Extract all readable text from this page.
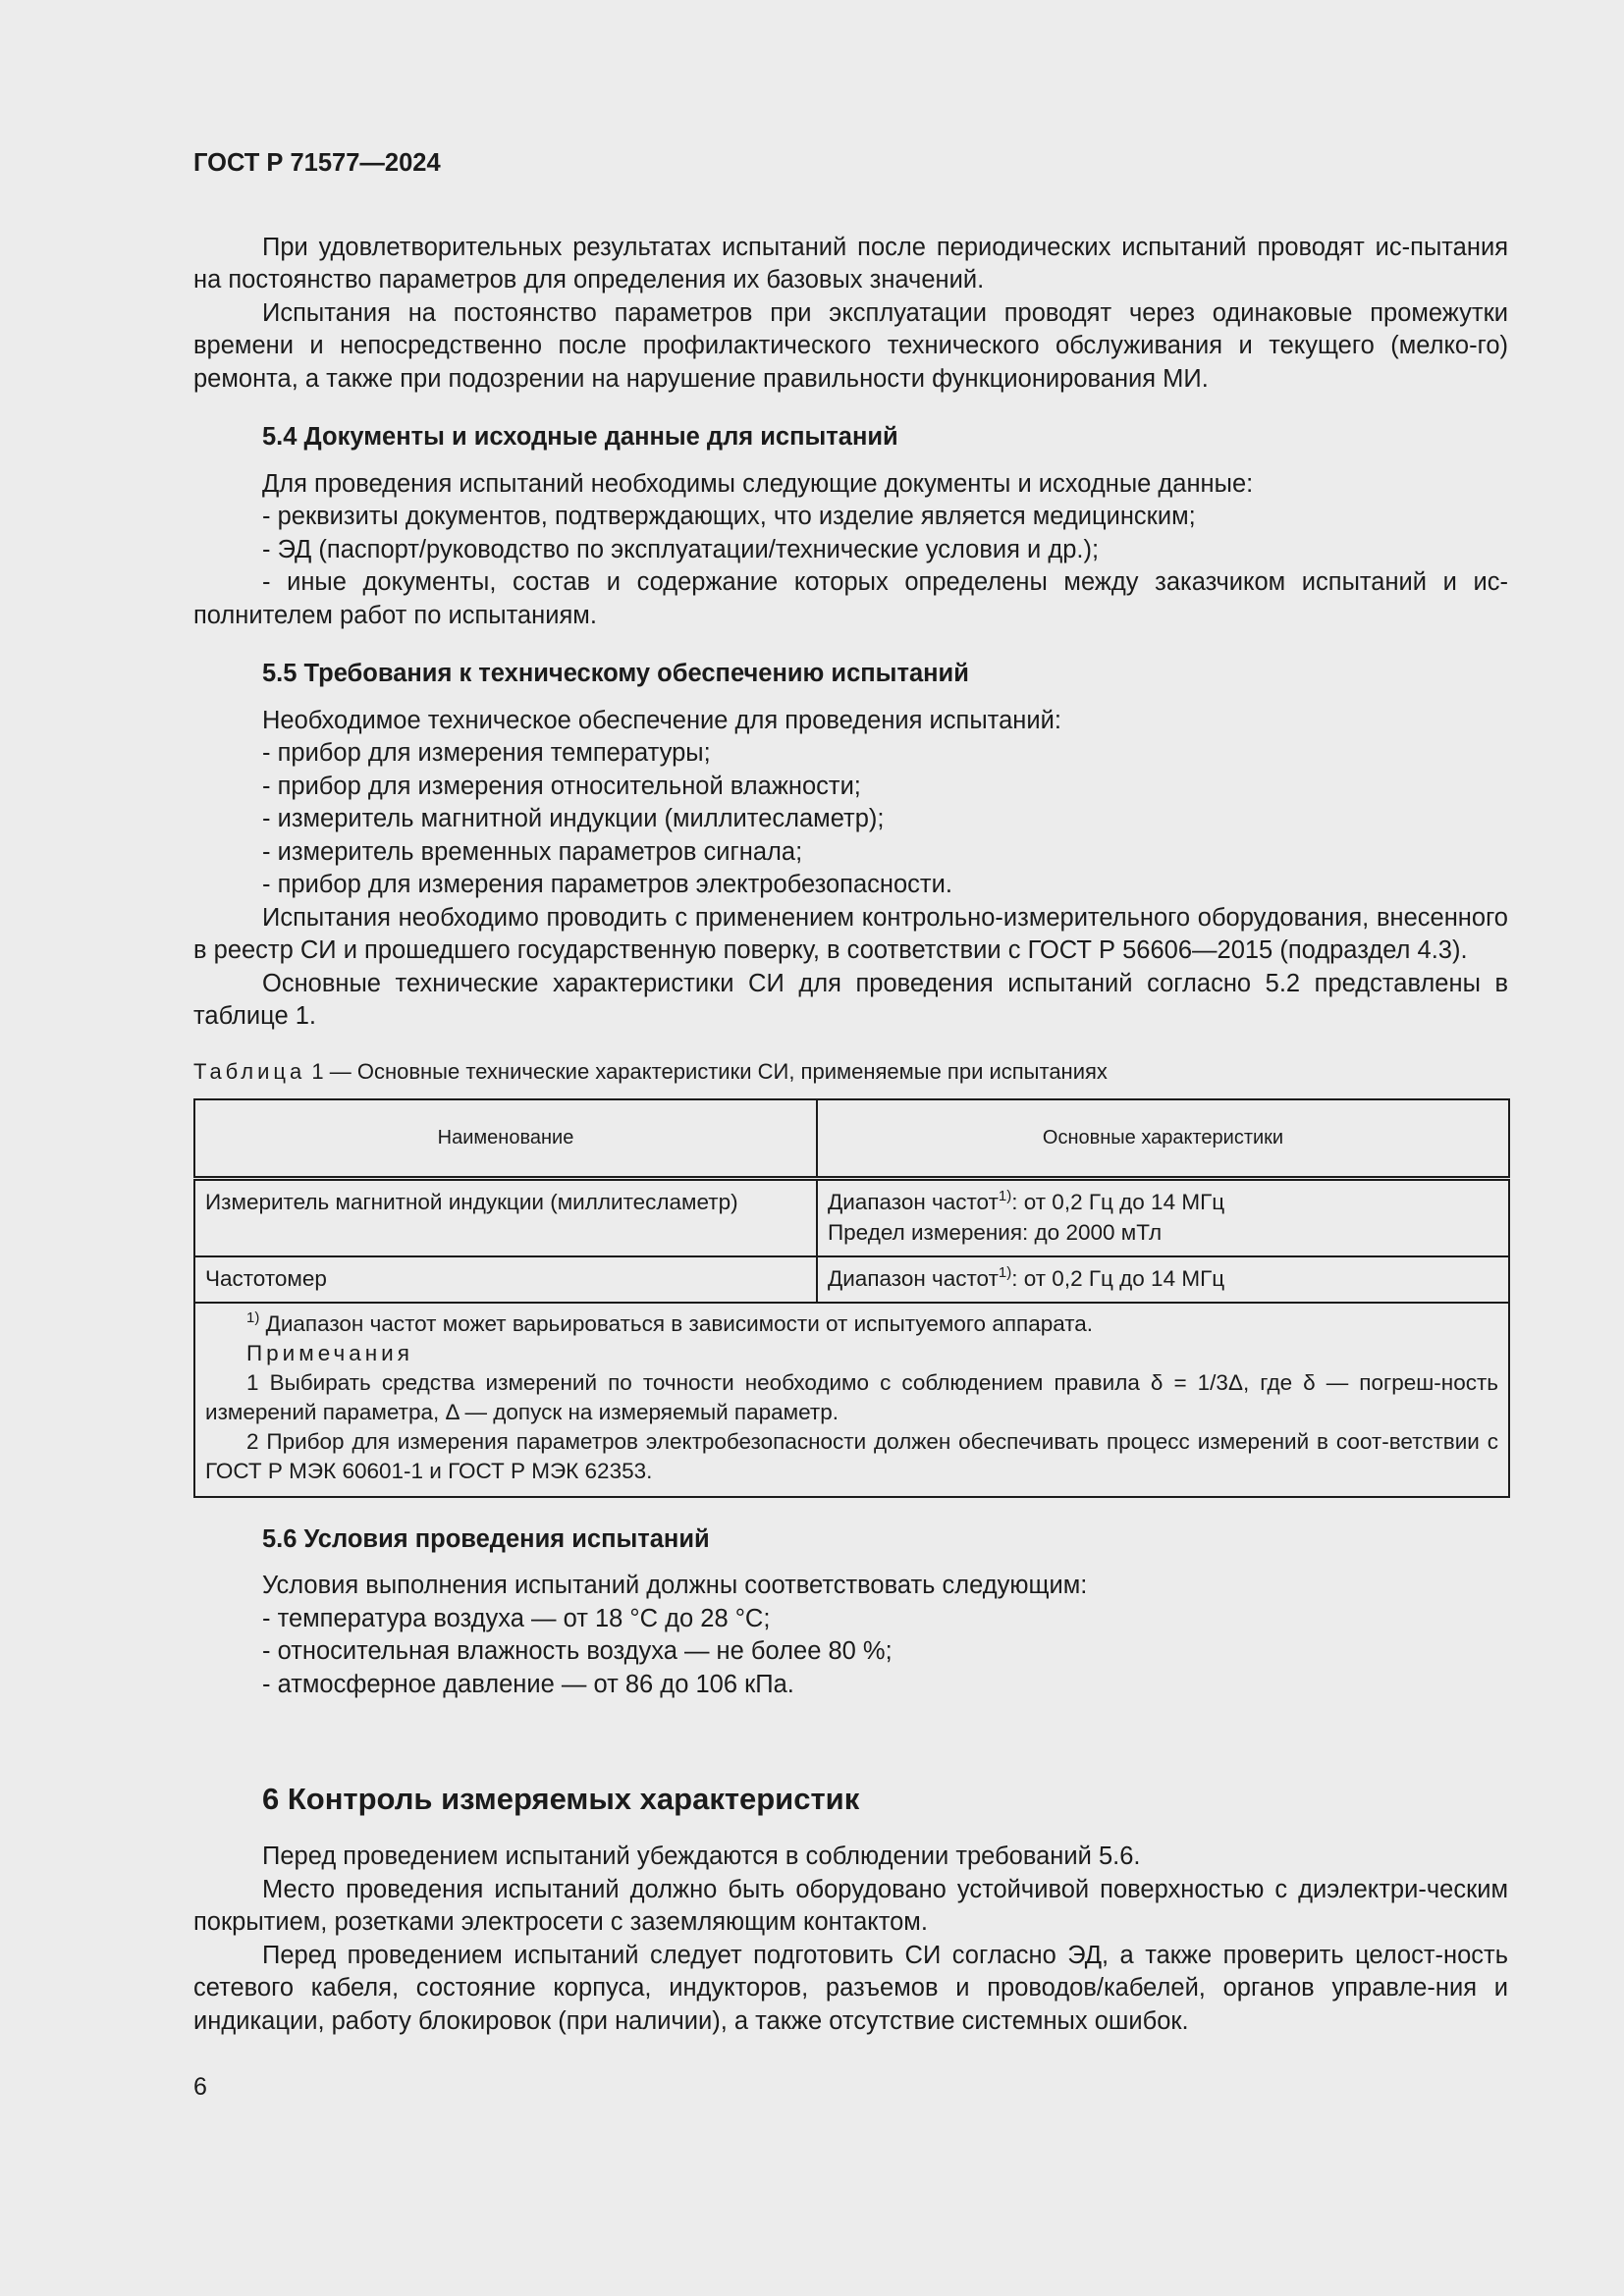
ГОСТ Р 71577—2024

При удовлетворительных результатах испытаний после периодических испытаний проводят ис-пытания на постоянство параметров для определения их базовых значений.

Испытания на постоянство параметров при эксплуатации проводят через одинаковые промежутки времени и непосредственно после профилактического технического обслуживания и текущего (мелко-го) ремонта, а также при подозрении на нарушение правильности функционирования МИ.

5.4 Документы и исходные данные для испытаний
Для проведения испытаний необходимы следующие документы и исходные данные:
- реквизиты документов, подтверждающих, что изделие является медицинским;
- ЭД (паспорт/руководство по эксплуатации/технические условия и др.);
- иные документы, состав и содержание которых определены между заказчиком испытаний и ис-полнителем работ по испытаниям.
5.5 Требования к техническому обеспечению испытаний
Необходимое техническое обеспечение для проведения испытаний:
- прибор для измерения температуры;
- прибор для измерения относительной влажности;
- измеритель магнитной индукции (миллитесламетр);
- измеритель временных параметров сигнала;
- прибор для измерения параметров электробезопасности.

Испытания необходимо проводить с применением контрольно-измерительного оборудования, внесенного в реестр СИ и прошедшего государственную поверку, в соответствии с ГОСТ Р 56606—2015 (подраздел 4.3).

Основные технические характеристики СИ для проведения испытаний согласно 5.2 представлены в таблице 1.

Таблица 1 — Основные технические характеристики СИ, применяемые при испытаниях
Наименование	Основные характеристики
Измеритель магнитной индукции (миллитесламетр)	Диапазон частот$^{1)}$: от 0,2 Гц до 14 МГц
Предел измерения: до 2000 мТл

Частотомер	Диапазон частот$^{1)}$: от 0,2 Гц до 14 МГц

$^{1)}$ Диапазон частот может варьироваться в зависимости от испытуемого аппарата.
Примечания
1 Выбирать средства измерений по точности необходимо с соблюдением правила δ = 1/3Δ, где δ — погреш-ность измерений параметра, Δ — допуск на измеряемый параметр.
2 Прибор для измерения параметров электробезопасности должен обеспечивать процесс измерений в соот-ветствии с ГОСТ Р МЭК 60601-1 и ГОСТ Р МЭК 62353.	
5.6 Условия проведения испытаний
Условия выполнения испытаний должны соответствовать следующим:
- температура воздуха — от 18 °С до 28 °С;
- относительная влажность воздуха — не более 80 %;
- атмосферное давление — от 86 до 106 кПа.
6 Контроль измеряемых характеристик

Перед проведением испытаний убеждаются в соблюдении требований 5.6.

Место проведения испытаний должно быть оборудовано устойчивой поверхностью с диэлектри-ческим покрытием, розетками электросети с заземляющим контактом.

Перед проведением испытаний следует подготовить СИ согласно ЭД, а также проверить целост-ность сетевого кабеля, состояние корпуса, индукторов, разъемов и проводов/кабелей, органов управле-ния и индикации, работу блокировок (при наличии), а также отсутствие системных ошибок.

6
